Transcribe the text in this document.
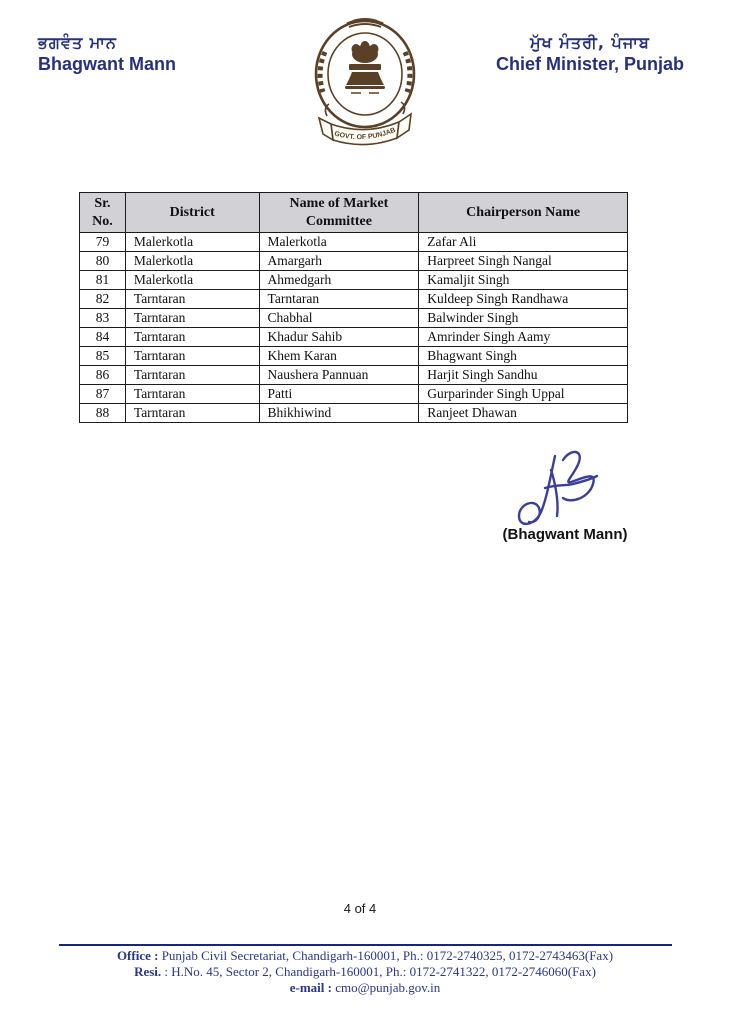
ਭਗਵੰਤ ਮਾਨ
Bhagwant Mann
GOVT. OF PUNJAB
ਮੁੱਖ ਮੰਤਰੀ, ਪੰਜਾਬ
Chief Minister, Punjab
Sr. No.	District	Name of Market Committee	Chairperson Name
79	Malerkotla	Malerkotla	Zafar Ali
80	Malerkotla	Amargarh	Harpreet Singh Nangal
81	Malerkotla	Ahmedgarh	Kamaljit Singh
82	Tarntaran	Tarntaran	Kuldeep Singh Randhawa
83	Tarntaran	Chabhal	Balwinder Singh
84	Tarntaran	Khadur Sahib	Amrinder Singh Aamy
85	Tarntaran	Khem Karan	Bhagwant Singh
86	Tarntaran	Naushera Pannuan	Harjit Singh Sandhu
87	Tarntaran	Patti	Gurparinder Singh Uppal
88	Tarntaran	Bhikhiwind	Ranjeet Dhawan
(Bhagwant Mann)
4 of 4
Office : Punjab Civil Secretariat, Chandigarh-160001, Ph.: 0172-2740325, 0172-2743463(Fax)
Resi. : H.No. 45, Sector 2, Chandigarh-160001, Ph.: 0172-2741322, 0172-2746060(Fax)
e-mail : cmo@punjab.gov.in
